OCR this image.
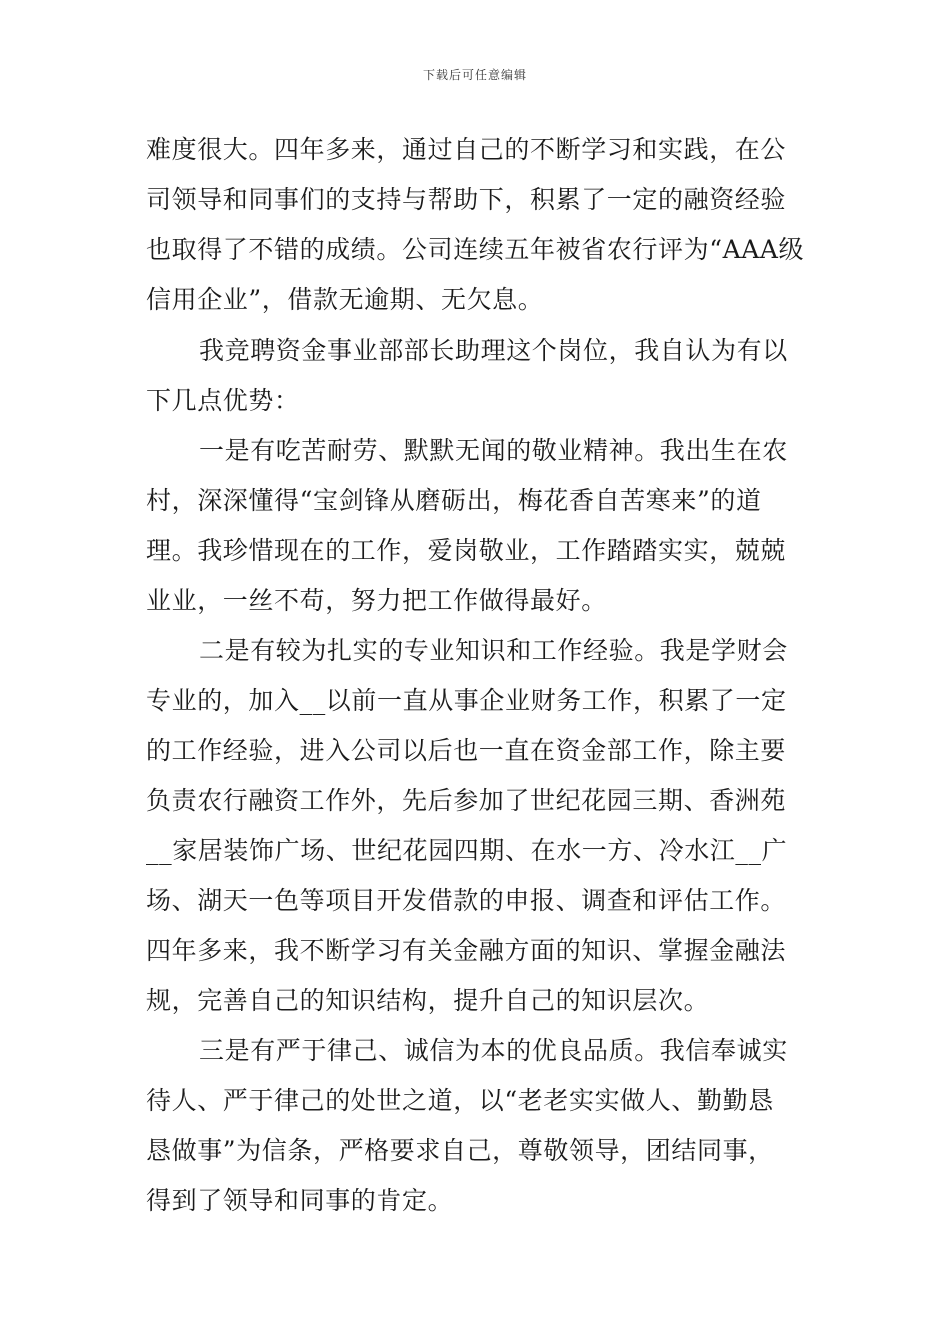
下载后可任意编辑
难度很大。四年多来，通过自己的不断学习和实践，在公
司领导和同事们的支持与帮助下，积累了一定的融资经验
也取得了不错的成绩。公司连续五年被省农行评为“AAA级
信用企业”，借款无逾期、无欠息。
我竞聘资金事业部部长助理这个岗位，我自认为有以
下几点优势：
一是有吃苦耐劳、默默无闻的敬业精神。我出生在农
村，深深懂得“宝剑锋从磨砺出，梅花香自苦寒来”的道
理。我珍惜现在的工作，爱岗敬业，工作踏踏实实，兢兢
业业，一丝不苟，努力把工作做得最好。
二是有较为扎实的专业知识和工作经验。我是学财会
专业的，加入__以前一直从事企业财务工作，积累了一定
的工作经验，进入公司以后也一直在资金部工作，除主要
负责农行融资工作外，先后参加了世纪花园三期、香洲苑
__家居装饰广场、世纪花园四期、在水一方、冷水江__广
场、湖天一色等项目开发借款的申报、调查和评估工作。
四年多来，我不断学习有关金融方面的知识、掌握金融法
规，完善自己的知识结构，提升自己的知识层次。
三是有严于律己、诚信为本的优良品质。我信奉诚实
待人、严于律己的处世之道，以“老老实实做人、勤勤恳
恳做事”为信条，严格要求自己，尊敬领导，团结同事，
得到了领导和同事的肯定。
